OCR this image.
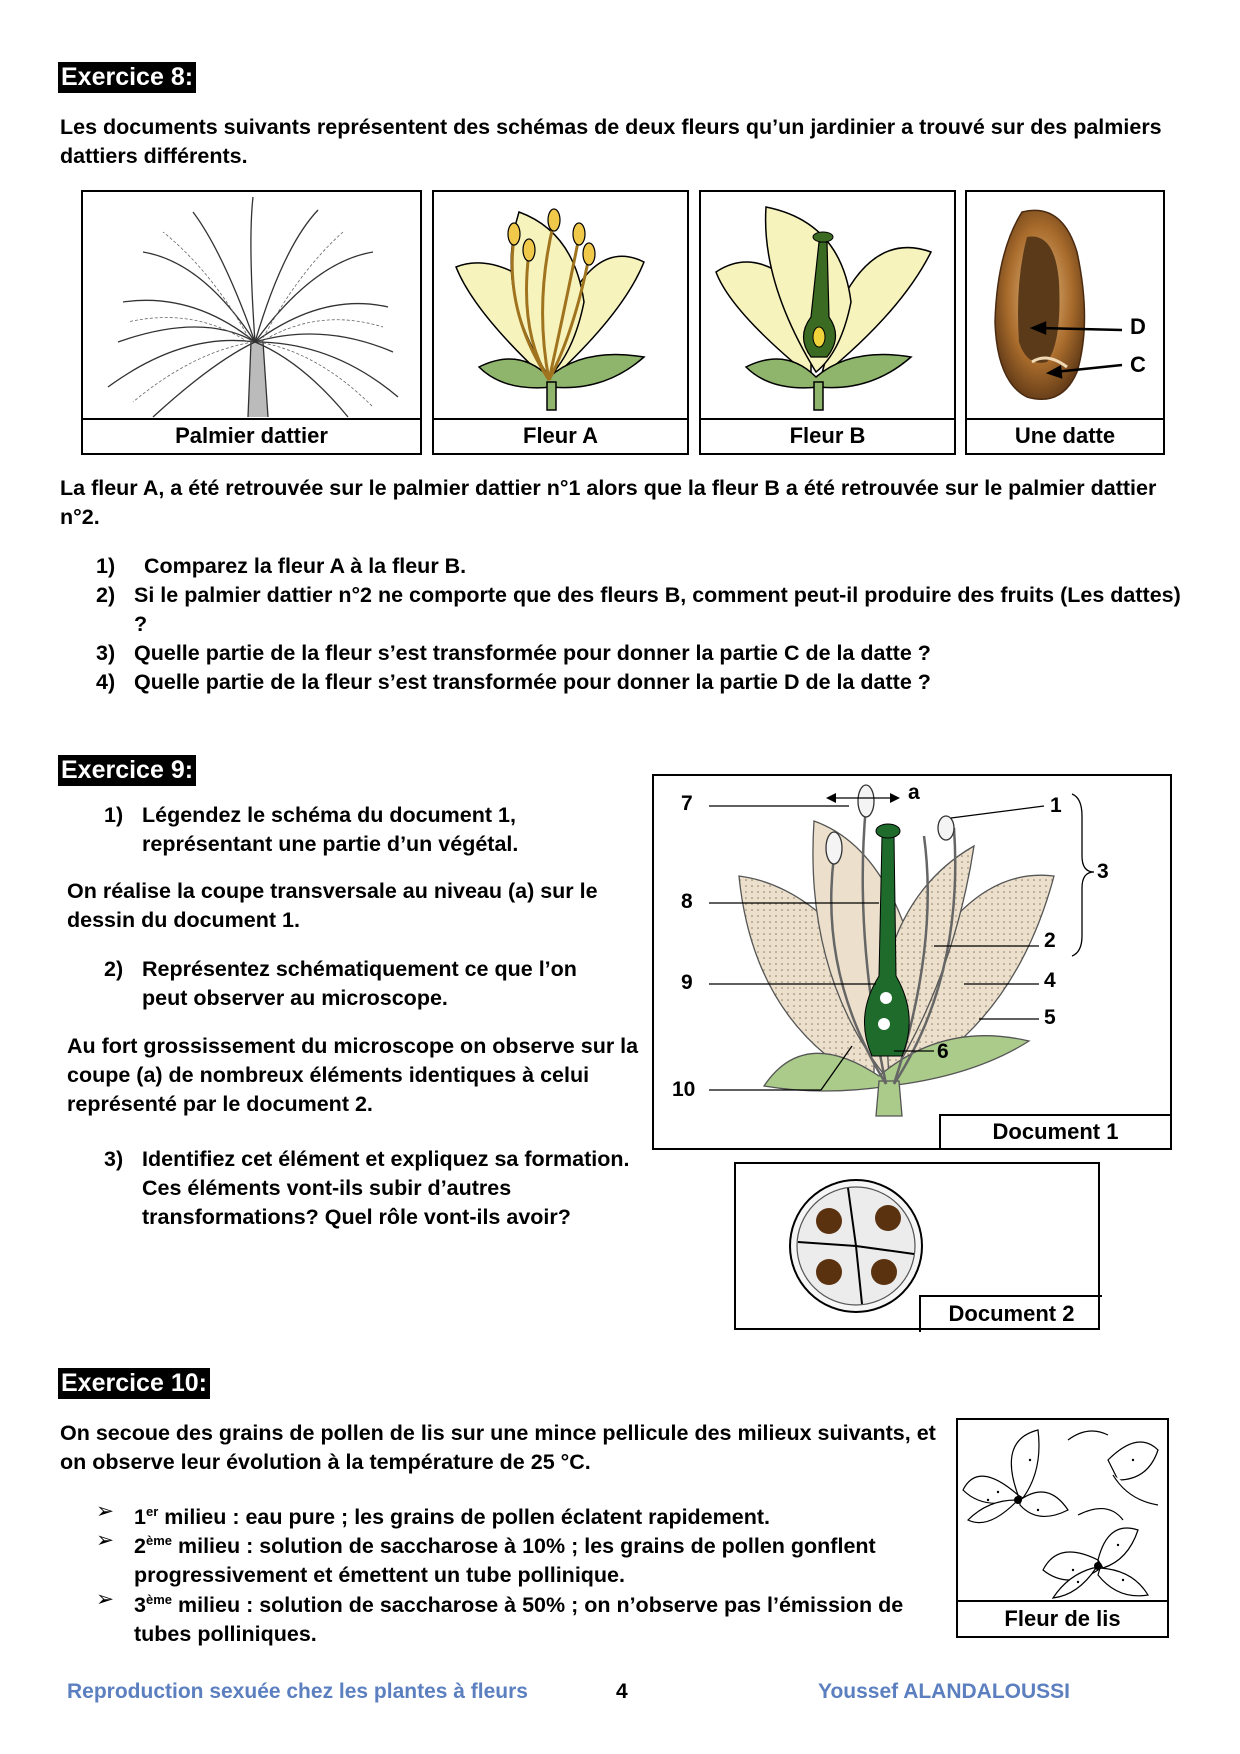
Exercice 8:
Les documents suivants représentent des schémas de deux fleurs qu’un jardinier a trouvé sur des palmiers dattiers différents.
Palmier dattier	Fleur A	Fleur B
D
C
Une datte
La fleur A, a été retrouvée sur le palmier dattier n°1 alors que la fleur B a été retrouvée sur le palmier dattier n°2.
1) Comparez la fleur A à la fleur B.
2) Si le palmier dattier n°2 ne comporte que des fleurs B, comment peut-il produire des fruits (Les dattes) ?
3) Quelle partie de la fleur s’est transformée pour donner la partie C de la datte ?
4) Quelle partie de la fleur s’est transformée pour donner la partie D de la datte ?
Exercice 9:
1) Légendez le schéma du document 1, représentant une partie d’un végétal.
On réalise la coupe transversale au niveau (a) sur le dessin du document 1.
2) Représentez schématiquement ce que l’on peut observer au microscope.
Au fort grossissement du microscope on observe sur la coupe (a) de nombreux éléments identiques à celui représenté par le document 2.
3) Identifiez cet élément et expliquez sa formation. Ces éléments vont-ils subir d’autres transformations? Quel rôle vont-ils avoir?
7
8
9
10
a
1
2
3
4
5
6
Document 1
Document 2
Exercice 10:
On secoue des grains de pollen de lis sur une mince pellicule des milieux suivants, et on observe leur évolution à la température de 25 °C.
➢ 1er milieu : eau pure ; les grains de pollen éclatent rapidement.
➢ 2ème milieu : solution de saccharose à 10% ; les grains de pollen gonflent progressivement et émettent un tube pollinique.
➢ 3ème milieu : solution de saccharose à 50% ; on n’observe pas l’émission de tubes polliniques.
Fleur de lis
Reproduction sexuée chez les plantes à fleurs	4	Youssef ALANDALOUSSI
